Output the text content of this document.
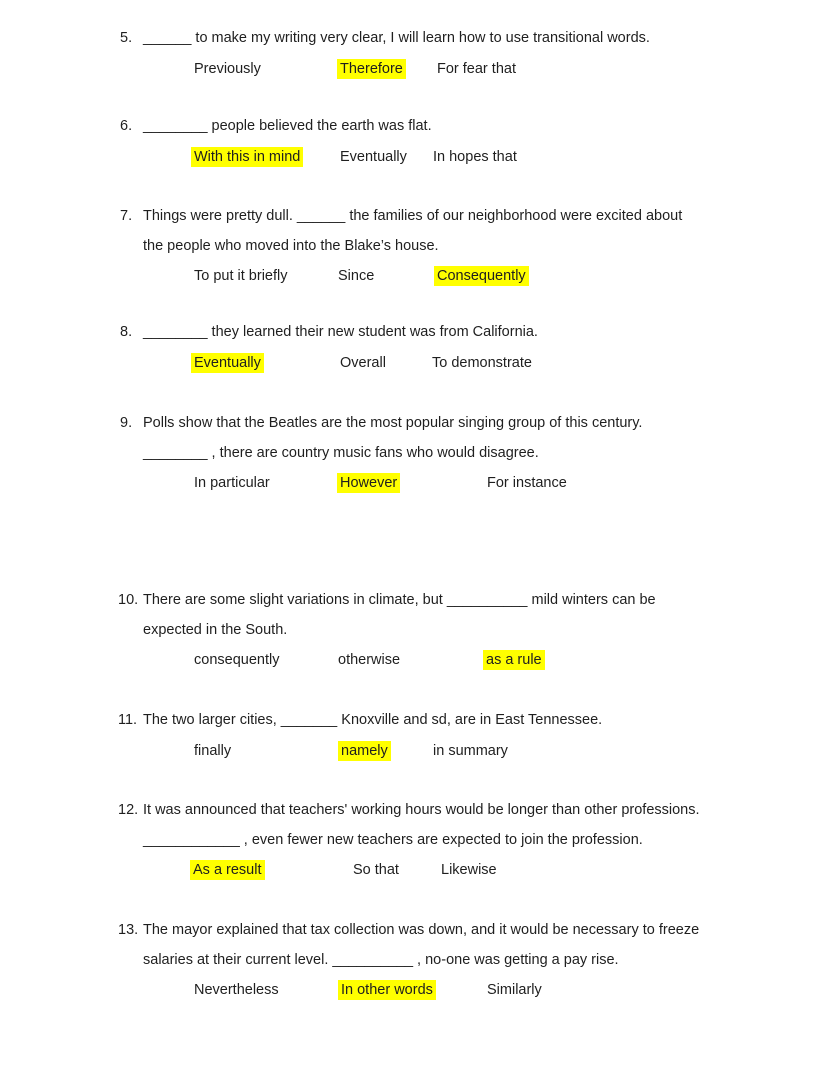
5. ______ to make my writing very clear, I will learn how to use transitional words.
Previously	Therefore For fear that
6. ________ people believed the earth was flat.
With this in mind	Eventually In hopes that
7. Things were pretty dull. ______ the families of our neighborhood were excited about
the people who moved into the Blake’s house.
To put it briefly	Since	Consequently
8. ________ they learned their new student was from California.
Eventually	Overall	To demonstrate
9. Polls show that the Beatles are the most popular singing group of this century.
________ , there are country music fans who would disagree.
In particular	However	For instance
10. There are some slight variations in climate, but __________ mild winters can be
expected in the South.
consequently	otherwise	as a rule
11. The two larger cities, _______ Knoxville and sd, are in East Tennessee.
finally	namely	in summary
12. It was announced that teachers' working hours would be longer than other professions.
____________ , even fewer new teachers are expected to join the profession.
As a result	So that	Likewise
13. The mayor explained that tax collection was down, and it would be necessary to freeze
salaries at their current level. __________ , no-one was getting a pay rise.
Nevertheless	In other words	Similarly
